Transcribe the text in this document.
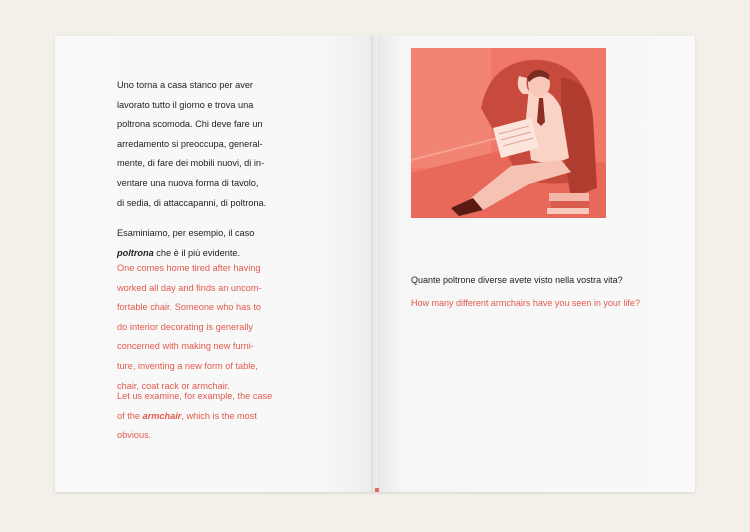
Uno torna a casa stanco per aver
lavorato tutto il giorno e trova una
poltrona scomoda. Chi deve fare un
arredamento si preoccupa, general-
mente, di fare dei mobili nuovi, di in-
ventare una nuova forma di tavolo,
di sedia, di attaccapanni, di poltrona.
Esaminiamo, per esempio, il caso
poltrona che è il più evidente.
One comes home tired after having
worked all day and finds an uncom-
fortable chair. Someone who has to
do interior decorating is generally
concerned with making new furni-
ture, inventing a new form of table,
chair, coat rack or armchair.
Let us examine, for example, the case
of the armchair, which is the most
obvious.
Quante poltrone diverse avete visto nella vostra vita?
How many different armchairs have you seen in your life?
